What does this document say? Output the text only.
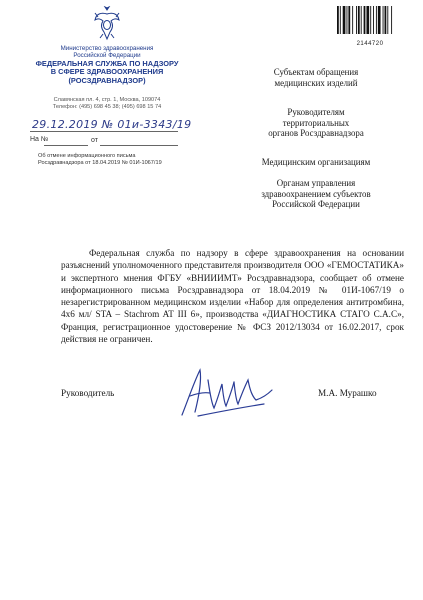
Министерство здравоохранения
Российской Федерации
ФЕДЕРАЛЬНАЯ СЛУЖБА ПО НАДЗОРУ
В СФЕРЕ ЗДРАВООХРАНЕНИЯ
(РОСЗДРАВНАДЗОР)
Славянская пл. 4, стр. 1, Москва, 109074
Телефон: (495) 698 45 38; (495) 698 15 74
29.12.2019 № 01и-3343/19
На №	от
Об отмене информационного письма
Росздравнадзора от 18.04.2019 № 01И-1067/19
2144720
Субъектам обращения
медицинских изделий
Руководителям
территориальных
органов Росздравнадзора
Медицинским организациям
Органам управления
здравоохранением субъектов
Российской Федерации
Федеральная служба по надзору в сфере здравоохранения на основании разъяснений уполномоченного представителя производителя ООО «ГЕМОСТАТИКА» и экспертного мнения ФГБУ «ВНИИИМТ» Росздравнадзора, сообщает об отмене информационного письма Росздравнадзора от 18.04.2019 № 01И-1067/19 о незарегистрированном медицинском изделии «Набор для определения антитромбина, 4x6 мл/ STA – Stachrom AT III 6», производства «ДИАГНОСТИКА СТАГО С.А.С», Франция, регистрационное удостоверение № ФСЗ 2012/13034 от 16.02.2017, срок действия не ограничен.
Руководитель	М.А. Мурашко
